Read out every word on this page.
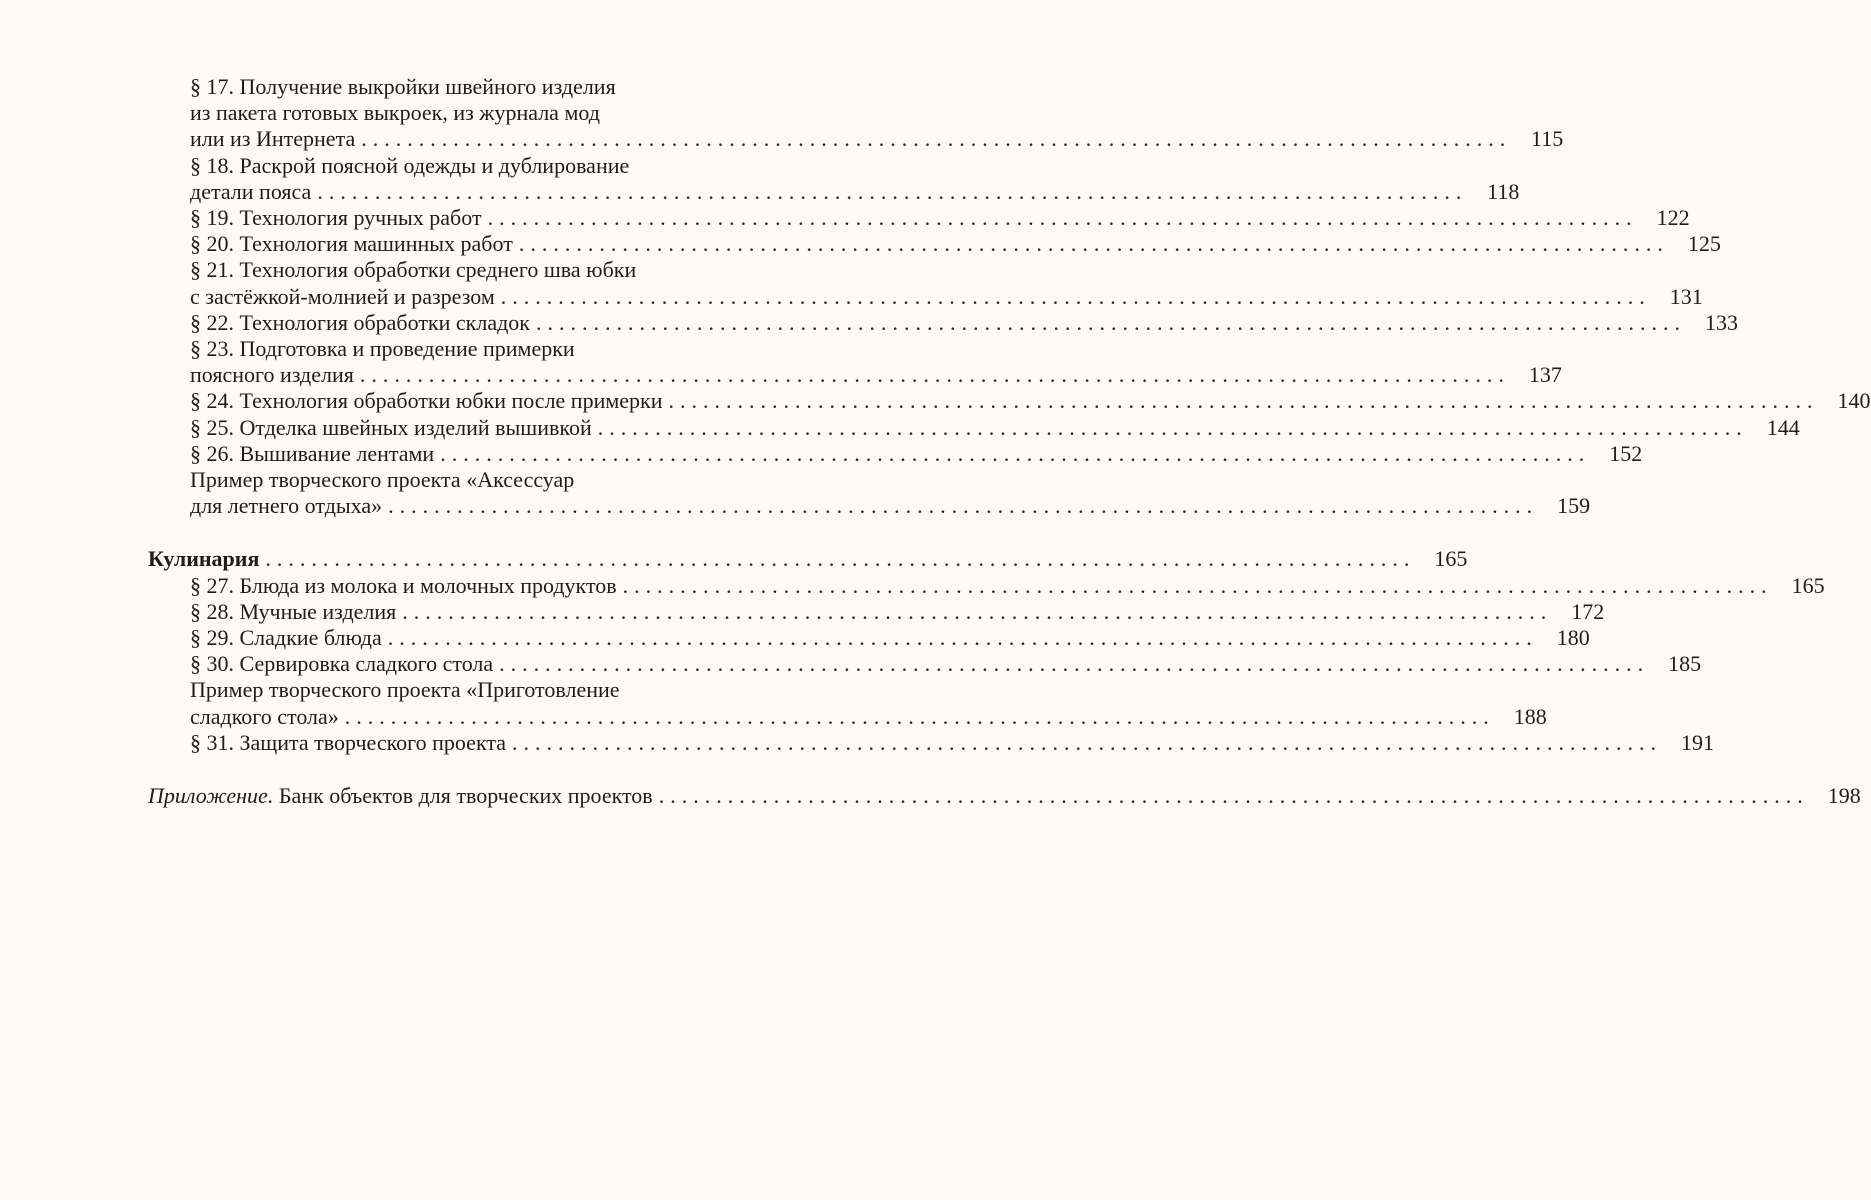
§ 17. Получение выкройки швейного изделия
из пакета готовых выкроек, из журнала мод
или из Интернета .................................................................................................... 115
§ 18. Раскрой поясной одежды и дублирование
детали пояса .................................................................................................... 118
§ 19. Технология ручных работ .................................................................................................... 122
§ 20. Технология машинных работ .................................................................................................... 125
§ 21. Технология обработки среднего шва юбки
с застёжкой-молнией и разрезом .................................................................................................... 131
§ 22. Технология обработки складок .................................................................................................... 133
§ 23. Подготовка и проведение примерки
поясного изделия .................................................................................................... 137
§ 24. Технология обработки юбки после примерки .................................................................................................... 140
§ 25. Отделка швейных изделий вышивкой .................................................................................................... 144
§ 26. Вышивание лентами .................................................................................................... 152
Пример творческого проекта «Аксессуар
для летнего отдыха» .................................................................................................... 159
Кулинария .................................................................................................... 165
§ 27. Блюда из молока и молочных продуктов .................................................................................................... 165
§ 28. Мучные изделия .................................................................................................... 172
§ 29. Сладкие блюда .................................................................................................... 180
§ 30. Сервировка сладкого стола .................................................................................................... 185
Пример творческого проекта «Приготовление
сладкого стола» .................................................................................................... 188
§ 31. Защита творческого проекта .................................................................................................... 191
Приложение. Банк объектов для творческих проектов .................................................................................................... 198
